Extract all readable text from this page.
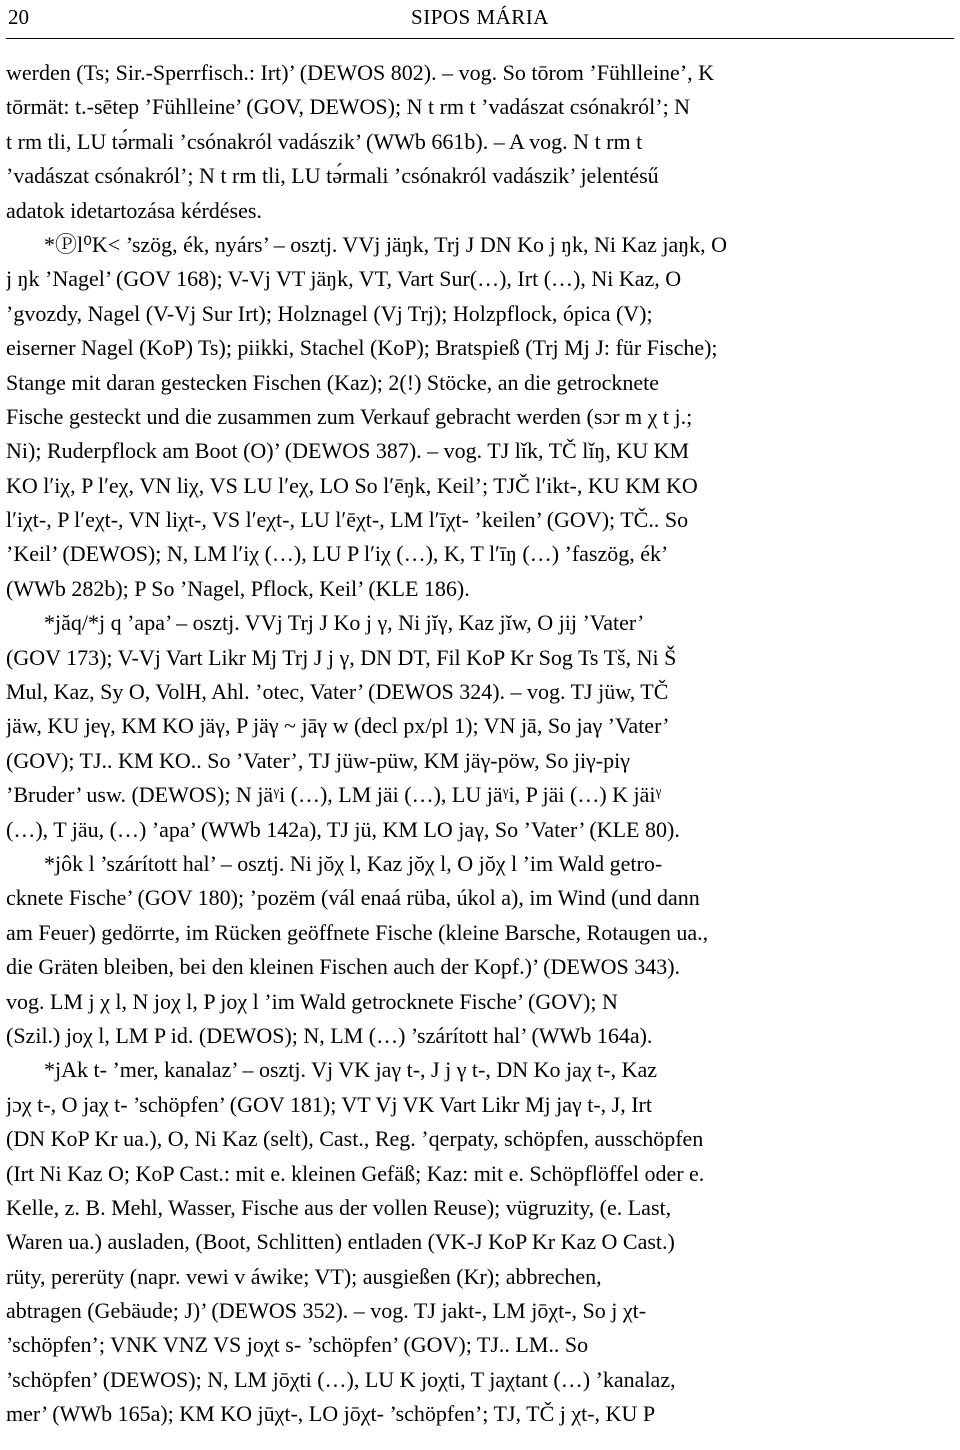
20	SIPOS MÁRIA
werden (Ts; Sir.-Sperrfisch.: Irt)’ (DEWOS 802). – vog. So tōrom ’Fühlleine’, K
tōrmät: t.-sētep ’Fühlleine’ (GOV, DEWOS); N t rm t ’vadászat csónakról’; N
t rm tli, LU tǝ́rmali ’csónakról vadászik’ (WWb 661b). – A vog. N t rm t
’vadászat csónakról’; N t rm tli, LU tǝ́rmali ’csónakról vadászik’ jelentésű
adatok idetartozása kérdéses.
*Ⓟl⁰K< ’szög, ék, nyárs’ – osztj. VVj jäŋk, Trj J DN Ko j ŋk, Ni Kaz jaŋk, O
j ŋk ’Nagel’ (GOV 168); V-Vj VT jäŋk, VT, Vart Sur(…), Irt (…), Ni Kaz, O
’gvozdy, Nagel (V-Vj Sur Irt); Holznagel (Vj Trj); Holzpflock, ópica (V);
eiserner Nagel (KoP) Ts); piikki, Stachel (KoP); Bratspieß (Trj Mj J: für Fische);
Stange mit daran gestecken Fischen (Kaz); 2(!) Stöcke, an die getrocknete
Fische gesteckt und die zusammen zum Verkauf gebracht werden (sɔr m χ t j.;
Ni); Ruderpflock am Boot (O)’ (DEWOS 387). – vog. TJ lǐk, TČ lǐŋ, KU KM
KO lʹiχ, P lʹeχ, VN liχ, VS LU lʹeχ, LO So lʹēŋk, Keil’; TJČ lʹikt-, KU KM KO
lʹiχt-, P lʹeχt-, VN liχt-, VS lʹeχt-, LU lʹēχt-, LM lʹīχt- ’keilen’ (GOV); TČ.. So
’Keil’ (DEWOS); N, LM lʹiχ (…), LU P lʹiχ (…), K, T lʹīŋ (…) ’faszög, ék’
(WWb 282b); P So ’Nagel, Pflock, Keil’ (KLE 186).
*jăq/*j q ’apa’ – osztj. VVj Trj J Ko j γ, Ni jĭγ, Kaz jĭw, O jij ’Vater’
(GOV 173); V-Vj Vart Likr Mj Trj J j γ, DN DT, Fil KoP Kr Sog Ts Tš, Ni Š
Mul, Kaz, Sy O, VolH, Ahl. ’otec, Vater’ (DEWOS 324). – vog. TJ jüw, TČ
jäw, KU jeγ, KM KO jäγ, P jäγ ~ jāγ w (decl px/pl 1); VN jā, So jaγ ’Vater’
(GOV); TJ.. KM KO.. So ’Vater’, TJ jüw-püw, KM jäγ-pöw, So jiγ-piγ
’Bruder’ usw. (DEWOS); N jäᵞi (…), LM jäi (…), LU jäᵞi, P jäi (…) K jäiᵞ
(…), T jäu, (…) ’apa’ (WWb 142a), TJ jü, KM LO jaγ, So ’Vater’ (KLE 80).
*jôk l ’szárított hal’ – osztj. Ni jŏχ l, Kaz jŏχ l, O jŏχ l ’im Wald getro-
cknete Fische’ (GOV 180); ’pozëm (vál enaá rüba, úkol a), im Wind (und dann
am Feuer) gedörrte, im Rücken geöffnete Fische (kleine Barsche, Rotaugen ua.,
die Gräten bleiben, bei den kleinen Fischen auch der Kopf.)’ (DEWOS 343).
vog. LM j χ l, N joχ l, P joχ l ’im Wald getrocknete Fische’ (GOV); N
(Szil.) joχ l, LM P id. (DEWOS); N, LM (…) ’szárított hal’ (WWb 164a).
*jAk t- ’mer, kanalaz’ – osztj. Vj VK jaγ t-, J j γ t-, DN Ko jaχ t-, Kaz
jɔχ t-, O jaχ t- ’schöpfen’ (GOV 181); VT Vj VK Vart Likr Mj jaγ t-, J, Irt
(DN KoP Kr ua.), O, Ni Kaz (selt), Cast., Reg. ’qerpaty, schöpfen, ausschöpfen
(Irt Ni Kaz O; KoP Cast.: mit e. kleinen Gefäß; Kaz: mit e. Schöpflöffel oder e.
Kelle, z. B. Mehl, Wasser, Fische aus der vollen Reuse); vügruzity, (e. Last,
Waren ua.) ausladen, (Boot, Schlitten) entladen (VK-J KoP Kr Kaz O Cast.)
rüty, pererüty (napr. vewi v áwike; VT); ausgießen (Kr); abbrechen,
abtragen (Gebäude; J)’ (DEWOS 352). – vog. TJ jakt-, LM jōχt-, So j χt-
’schöpfen’; VNK VNZ VS joχt s- ’schöpfen’ (GOV); TJ.. LM.. So
’schöpfen’ (DEWOS); N, LM jōχti (…), LU K joχti, T jaχtant (…) ’kanalaz,
mer’ (WWb 165a); KM KO jūχt-, LO jōχt- ’schöpfen’; TJ, TČ j χt-, KU P
